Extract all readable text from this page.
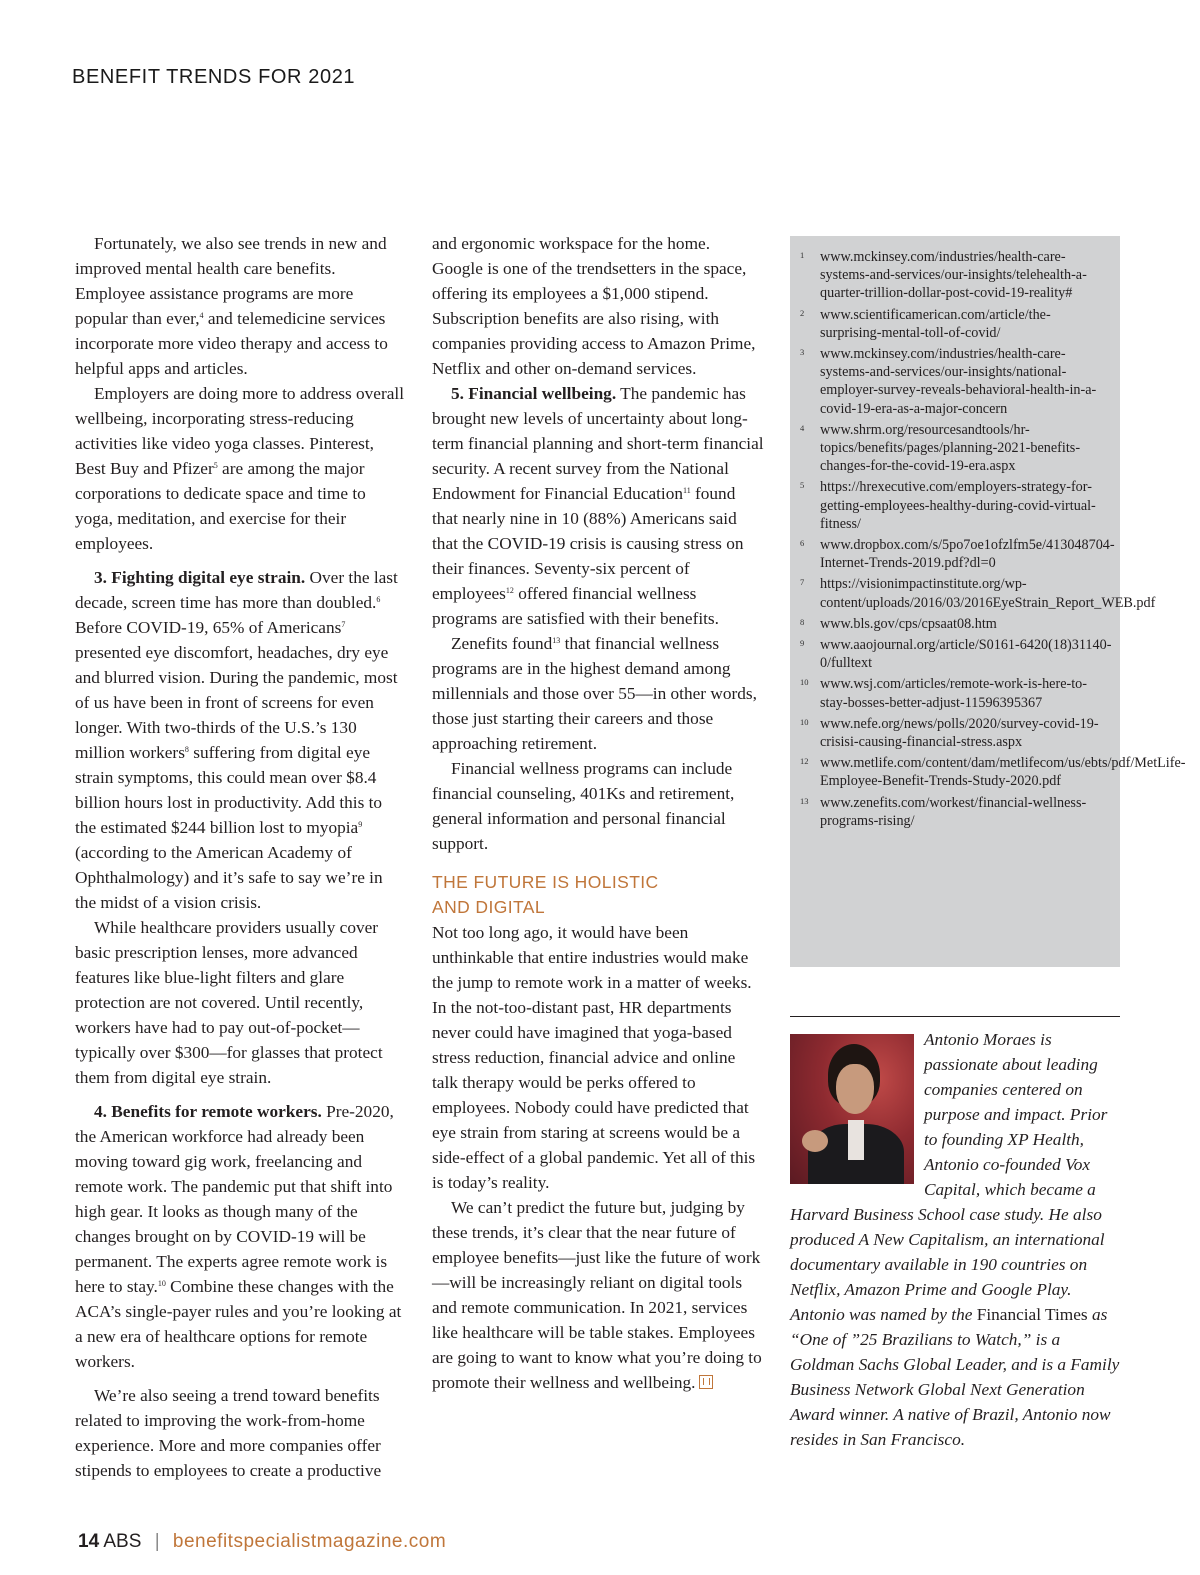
BENEFIT TRENDS FOR 2021

Fortunately, we also see trends in new and improved mental health care benefits. Employee assistance programs are more popular than ever,$^4$ and telemedicine services incorporate more video therapy and access to helpful apps and articles.

Employers are doing more to address overall wellbeing, incorporating stress-reducing activities like video yoga classes. Pinterest, Best Buy and Pfizer$^5$ are among the major corporations to dedicate space and time to yoga, meditation, and exercise for their employees.

3. Fighting digital eye strain. Over the last decade, screen time has more than doubled.$^6$ Before COVID-19, 65% of Americans$^7$ presented eye discomfort, headaches, dry eye and blurred vision. During the pandemic, most of us have been in front of screens for even longer. With two-thirds of the U.S.’s 130 million workers$^8$ suffering from digital eye strain symptoms, this could mean over $8.4 billion hours lost in productivity. Add this to the estimated $244 billion lost to myopia$^9$ (according to the American Academy of Ophthalmology) and it’s safe to say we’re in the midst of a vision crisis.

While healthcare providers usually cover basic prescription lenses, more advanced features like blue-light filters and glare protection are not covered. Until recently, workers have had to pay out-of-pocket—typically over $300—for glasses that protect them from digital eye strain.

4. Benefits for remote workers. Pre-2020, the American workforce had already been moving toward gig work, freelancing and remote work. The pandemic put that shift into high gear. It looks as though many of the changes brought on by COVID-19 will be permanent. The experts agree remote work is here to stay.$^{10}$ Combine these changes with the ACA’s single-payer rules and you’re looking at a new era of healthcare options for remote workers.

We’re also seeing a trend toward benefits related to improving the work-from-home experience. More and more companies offer stipends to employees to create a productive

and ergonomic workspace for the home. Google is one of the trendsetters in the space, offering its employees a $1,000 stipend. Subscription benefits are also rising, with companies providing access to Amazon Prime, Netflix and other on-demand services.

5. Financial wellbeing. The pandemic has brought new levels of uncertainty about long-term financial planning and short-term financial security. A recent survey from the National Endowment for Financial Education$^{11}$ found that nearly nine in 10 (88%) Americans said that the COVID-19 crisis is causing stress on their finances. Seventy-six percent of employees$^{12}$ offered financial wellness programs are satisfied with their benefits.

Zenefits found$^{13}$ that financial wellness programs are in the highest demand among millennials and those over 55—in other words, those just starting their careers and those approaching retirement.

Financial wellness programs can include financial counseling, 401Ks and retirement, general information and personal financial support.

THE FUTURE IS HOLISTIC
AND DIGITAL

Not too long ago, it would have been unthinkable that entire industries would make the jump to remote work in a matter of weeks. In the not-too-distant past, HR departments never could have imagined that yoga-based stress reduction, financial advice and online talk therapy would be perks offered to employees. Nobody could have predicted that eye strain from staring at screens would be a side-effect of a global pandemic. Yet all of this is today’s reality.

We can’t predict the future but, judging by these trends, it’s clear that the near future of employee benefits—just like the future of work—will be increasingly reliant on digital tools and remote communication. In 2021, services like healthcare will be table stakes. Employees are going to want to know what you’re doing to promote their wellness and wellbeing.

1	www.mckinsey.com/industries/health-care-systems-and-services/our-insights/telehealth-a-quarter-trillion-dollar-post-covid-19-reality#
2	www.scientificamerican.com/article/the-surprising-mental-toll-of-covid/
3	www.mckinsey.com/industries/health-care-systems-and-services/our-insights/national-employer-survey-reveals-behavioral-health-in-a-covid-19-era-as-a-major-concern
4	www.shrm.org/resourcesandtools/hr-topics/benefits/pages/planning-2021-benefits-changes-for-the-covid-19-era.aspx
5	https://hrexecutive.com/employers-strategy-for-getting-employees-healthy-during-covid-virtual-fitness/
6	www.dropbox.com/s/5po7oe1ofzlfm5e/413048704-Internet-Trends-2019.pdf?dl=0
7	https://visionimpactinstitute.org/wp-content/uploads/2016/03/2016EyeStrain_Report_WEB.pdf
8	www.bls.gov/cps/cpsaat08.htm
9	www.aaojournal.org/article/S0161-6420(18)31140-0/fulltext
10 www.wsj.com/articles/remote-work-is-here-to-stay-bosses-better-adjust-11596395367
10 www.nefe.org/news/polls/2020/survey-covid-19-crisisi-causing-financial-stress.aspx
12 www.metlife.com/content/dam/metlifecom/us/ebts/pdf/MetLife-Employee-Benefit-Trends-Study-2020.pdf
13 www.zenefits.com/workest/financial-wellness-programs-rising/
Antonio Moraes is passionate about leading companies centered on purpose and impact. Prior to founding XP Health, Antonio co-founded Vox Capital, which became a Harvard Business School case study. He also produced A New Capitalism, an international documentary available in 190 countries on Netflix, Amazon Prime and Google Play. Antonio was named by the Financial Times as “One of ”25 Brazilians to Watch,” is a Goldman Sachs Global Leader, and is a Family Business Network Global Next Generation Award winner. A native of Brazil, Antonio now resides in San Francisco.
14 ABS | benefitspecialistmagazine.com
